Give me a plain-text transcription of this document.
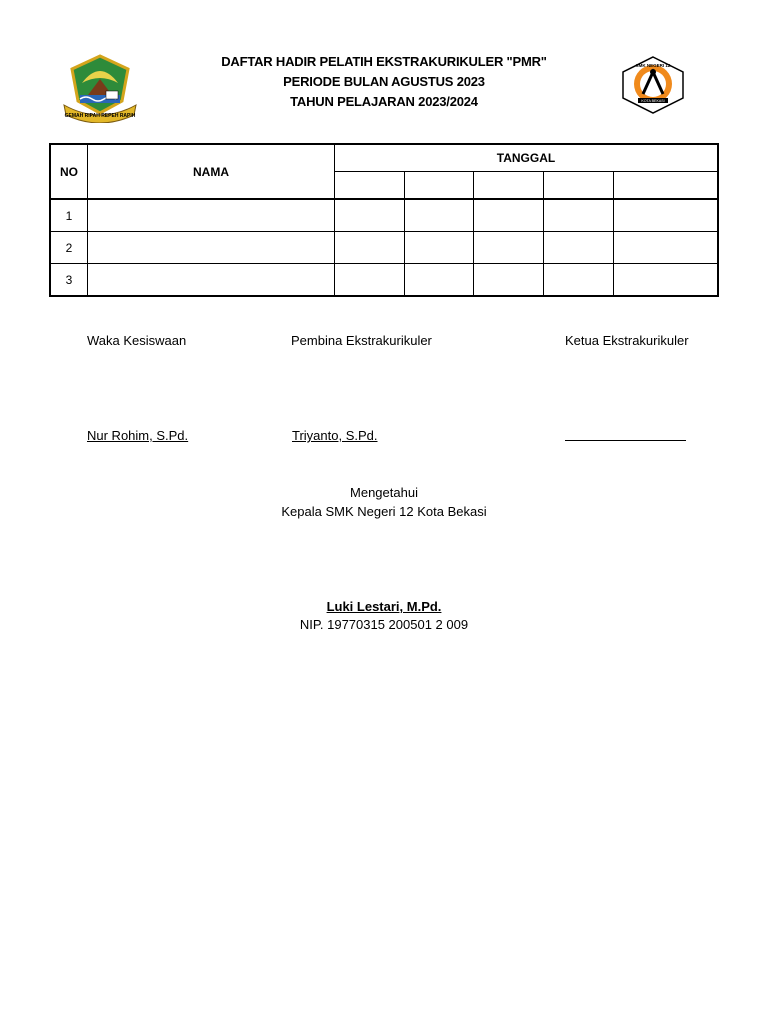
DAFTAR HADIR PELATIH EKSTRAKURIKULER "PMR"
PERIODE BULAN AGUSTUS 2023
TAHUN PELAJARAN 2023/2024
GEMAH RIPAH REPEH RAPIH
SMK NEGERI 12
KOTA BEKASI
NO	NAMA	TANGGAL				

1						
2						
3						
Waka Kesiswaan	Pembina Ekstrakurikuler	Ketua Ekstrakurikuler
Nur Rohim, S.Pd.	Triyanto, S.Pd.
Mengetahui
Kepala SMK Negeri 12 Kota Bekasi
Luki Lestari, M.Pd.
NIP. 19770315 200501 2 009
